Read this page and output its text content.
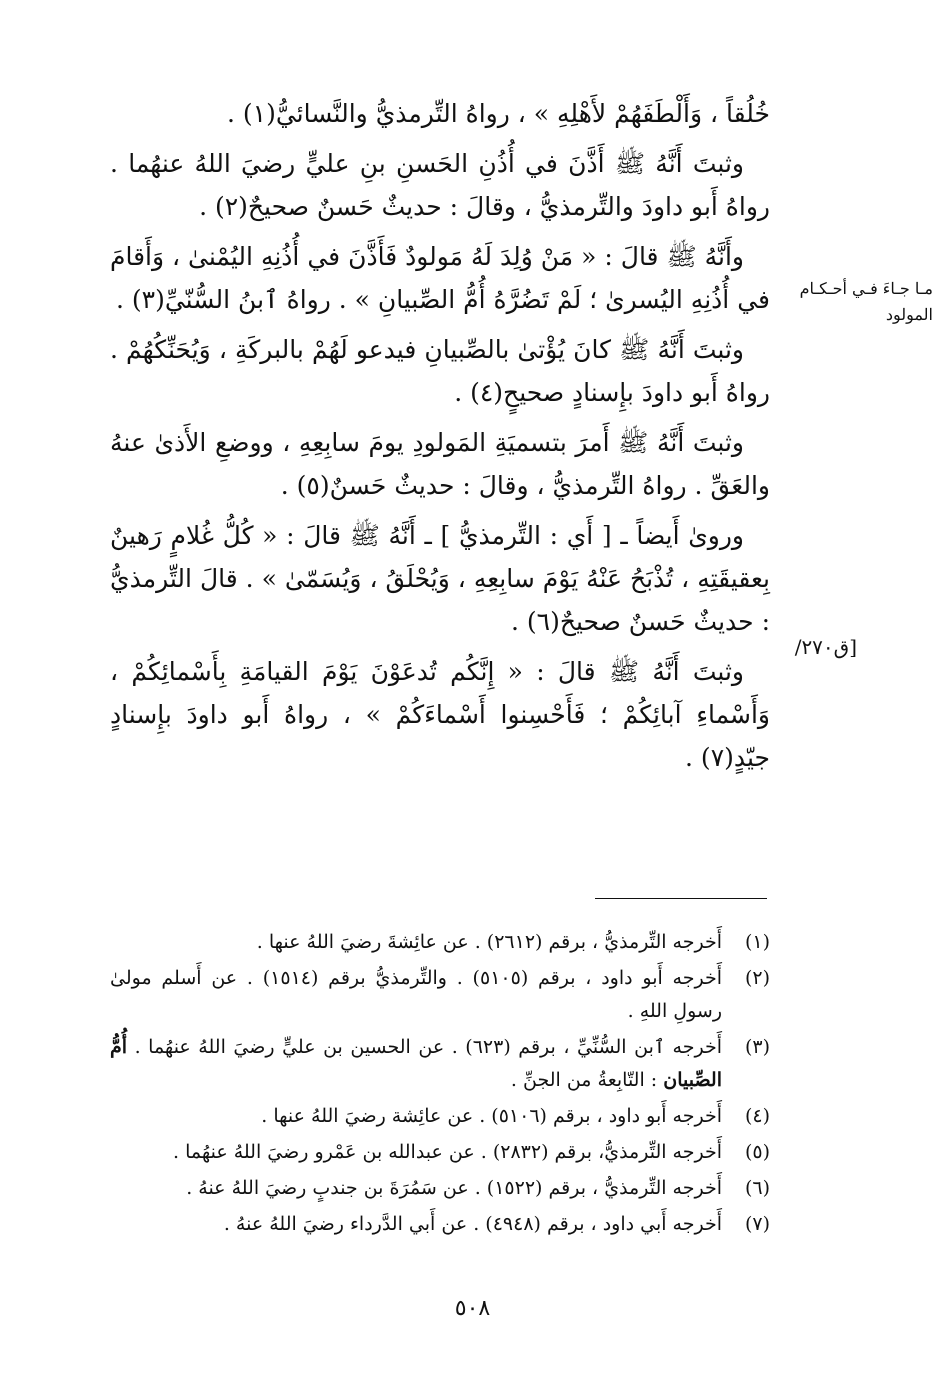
خُلُقاً ، وَأَلْطَفَهُمْ لأَهْلِهِ » ، رواهُ التِّرمذيُّ والنَّسائيُّ(١) .

وثبتَ أَنَّهُ ﷺ أَذَّنَ في أُذُنِ الحَسنِ بنِ عليٍّ رضيَ اللهُ عنهُما . رواهُ أَبو داودَ والتِّرمذيُّ ، وقالَ : حديثٌ حَسنٌ صحيحٌ(٢) .

وأَنَّهُ ﷺ قالَ : « مَنْ وُلِدَ لَهُ مَولودٌ فَأَذَّنَ في أُذُنِهِ اليُمْنىٰ ، وَأَقامَ في أُذُنِهِ اليُسرىٰ ؛ لَمْ تَضُرَّهُ أُمُّ الصِّبيانِ » . رواهُ ٱبنُ السُّنّيِّ(٣) .

وثبتَ أَنَّهُ ﷺ كانَ يُؤْتىٰ بالصِّبيانِ فيدعو لَهُمْ بالبركَةِ ، وَيُحَنِّكُهُمْ . رواهُ أَبو داودَ بإِسنادٍ صحيحٍ(٤) .

وثبتَ أَنَّهُ ﷺ أَمرَ بتسميَةِ المَولودِ يومَ سابِعِهِ ، ووضعِ الأَذىٰ عنهُ والعَقِّ . رواهُ التِّرمذيُّ ، وقالَ : حديثٌ حَسنٌ(٥) .

وروىٰ أَيضاً ـ [ أَي : التِّرمذيُّ ] ـ أَنَّهُ ﷺ قالَ : « كُلُّ غُلامٍ رَهينٌ بِعقيقَتِهِ ، تُذْبَحُ عَنْهُ يَوْمَ سابِعِهِ ، وَيُحْلَقُ ، وَيُسَمّىٰ » . قالَ التِّرمذيُّ : حديثٌ حَسنٌ صحيحٌ(٦) .

وثبتَ أَنَّهُ ﷺ قالَ : « إِنَّكُم تُدعَوْنَ يَوْمَ القيامَةِ بِأَسْمائِكُمْ ، وَأَسْماءِ آبائِكُمْ ؛ فَأَحْسِنوا أَسْماءَكُمْ » ، رواهُ أَبو داودَ بإِسنادٍ جيّدٍ(٧) .

مـا جـاءَ فـي أحـكـام المولود
[ق٢٧٠/
(١)
أَخرجه التِّرمذيُّ ، برقم (٢٦١٢) . عن عائِشةَ رضيَ اللهُ عنها .
(٢)
أَخرجه أَبو داود ، برقم (٥١٠٥) . والتِّرمذيُّ برقم (١٥١٤) . عن أَسلم مولىٰ رسولِ اللهِ .
(٣)
أَخرجه ٱبن السُّنِّيِّ ، برقم (٦٢٣) . عن الحسين بن عليٍّ رضيَ اللهُ عنهُما . أُمُّ الصِّبيان : التّابِعةُ من الجنِّ .
(٤)
أَخرجه أَبو داود ، برقم (٥١٠٦) . عن عائِشة رضيَ اللهُ عنها .
(٥)
أَخرجه التِّرمذيُّ، برقم (٢٨٣٢) . عن عبدالله بن عَمْرو رضيَ اللهُ عنهُما .
(٦)
أَخرجه التِّرمذيُّ ، برقم (١٥٢٢) . عن سَمُرَةَ بن جندبٍ رضيَ اللهُ عنهُ .
(٧)
أَخرجه أَبي داود ، برقم (٤٩٤٨) . عن أَبي الدَّرداء رضيَ اللهُ عنهُ .
٥٠٨
